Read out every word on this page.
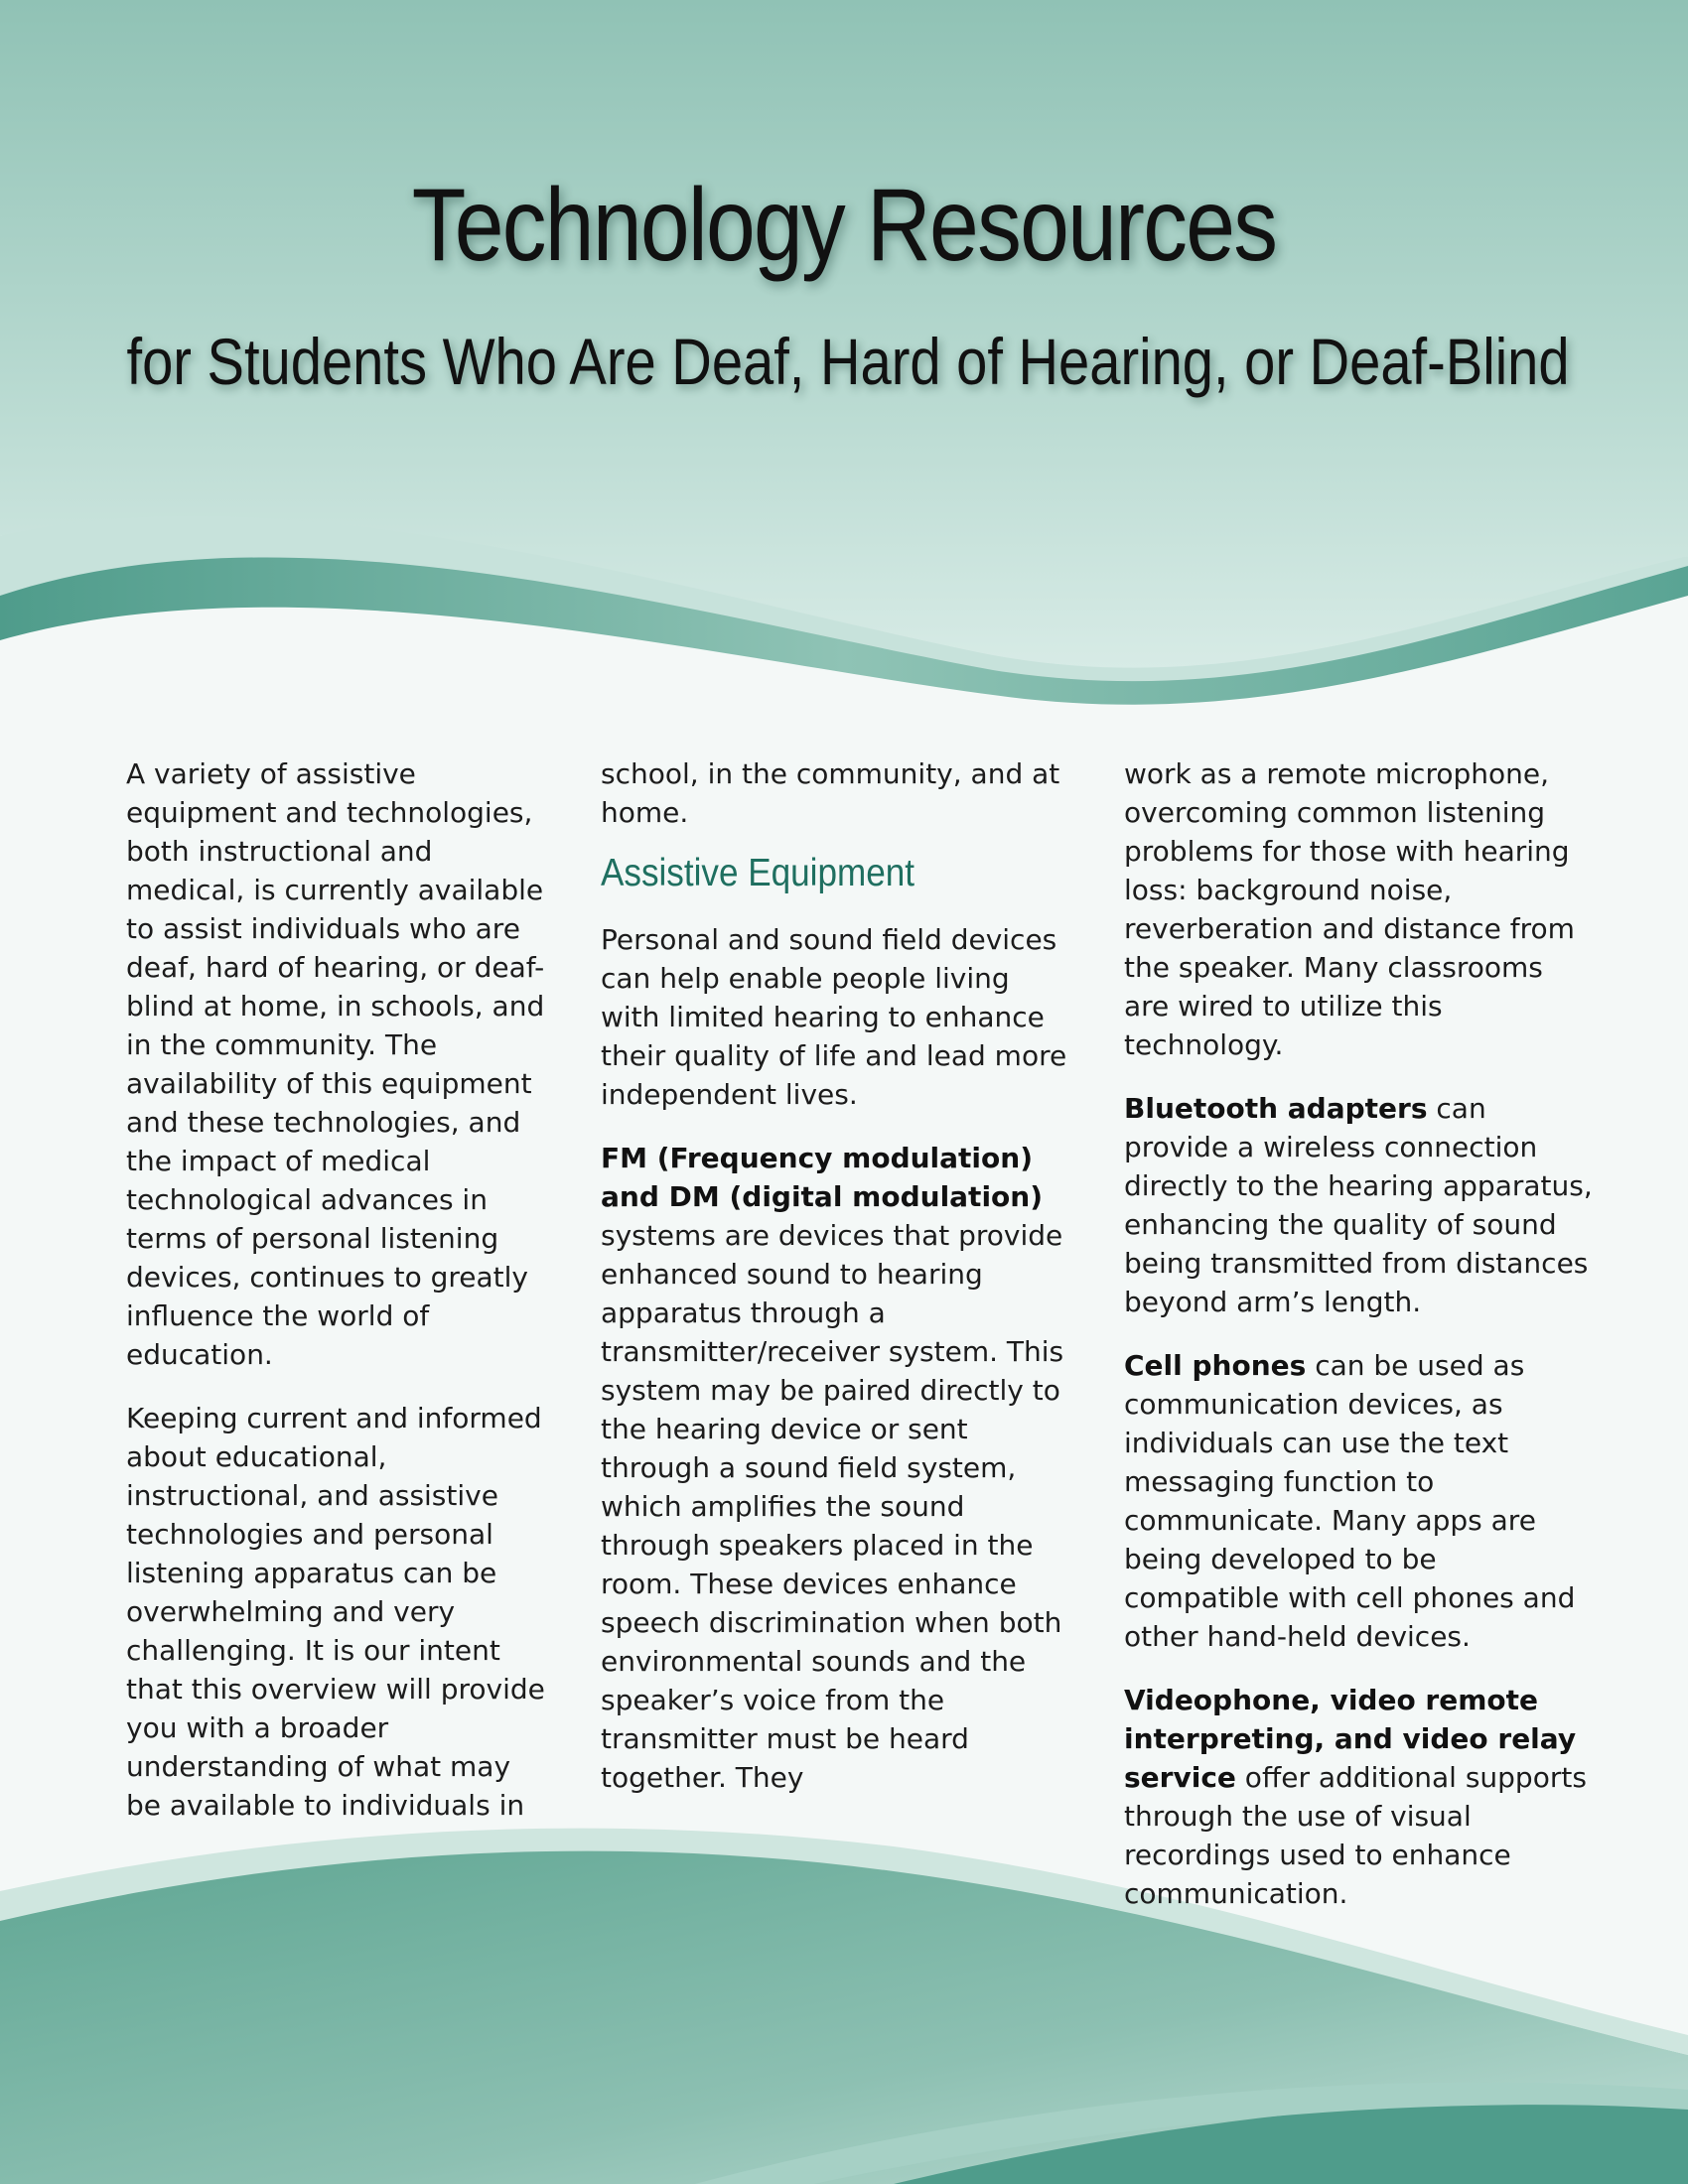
Technology Resources
for Students Who Are Deaf, Hard of Hearing, or Deaf-Blind

A variety of assistive equipment and technologies, both instructional and medical, is currently available to assist individuals who are deaf, hard of hearing, or deaf-blind at home, in schools, and in the community. The availability of this equipment and these technologies, and the impact of medical technological advances in terms of personal listening devices, continues to greatly influence the world of education.

Keeping current and informed about educational, instructional, and assistive technologies and personal listening apparatus can be overwhelming and very challenging. It is our intent that this overview will provide you with a broader understanding of what may be available to individuals in

school, in the community, and at home.

Assistive Equipment

Personal and sound field devices can help enable people living with limited hearing to enhance their quality of life and lead more independent lives.

FM (Frequency modulation) and DM (digital modulation) systems are devices that provide enhanced sound to hearing apparatus through a transmitter/receiver system. This system may be paired directly to the hearing device or sent through a sound field system, which amplifies the sound through speakers placed in the room. These devices enhance speech discrimination when both environmental sounds and the speaker’s voice from the transmitter must be heard together. They

work as a remote microphone, overcoming common listening problems for those with hearing loss: background noise, reverberation and distance from the speaker. Many classrooms are wired to utilize this technology.

Bluetooth adapters can provide a wireless connection directly to the hearing apparatus, enhancing the quality of sound being transmitted from distances beyond arm’s length.

Cell phones can be used as communication devices, as individuals can use the text messaging function to communicate. Many apps are being developed to be compatible with cell phones and other hand-held devices.

Videophone, video remote interpreting, and video relay service offer additional supports through the use of visual recordings used to enhance communication.
